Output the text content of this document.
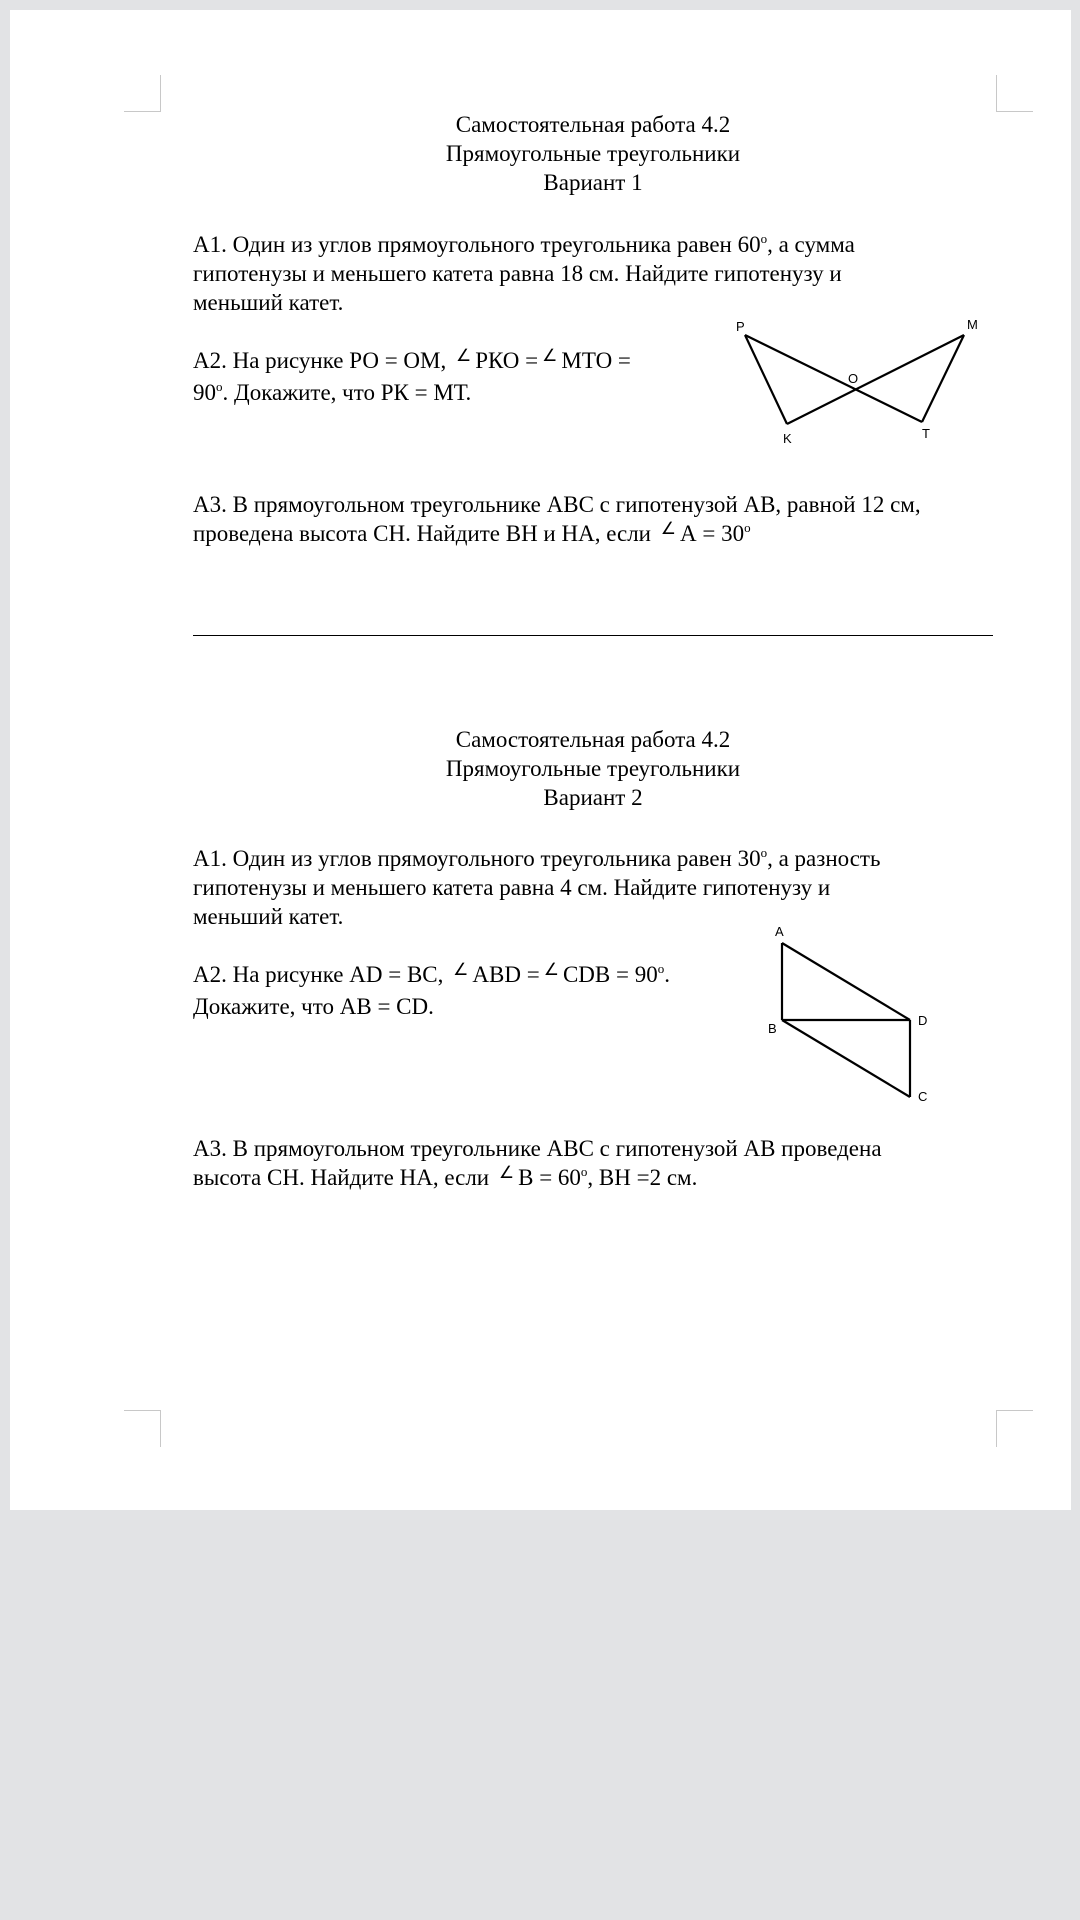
Самостоятельная работа 4.2
Прямоугольные треугольники
Вариант 1
А1. Один из углов прямоугольного треугольника равен $60^о$, а сумма
гипотенузы и меньшего катета равна 18 см. Найдите гипотенузу и
меньший катет.
А2. На рисунке РО = ОМ, ∠ РКО = ∠ МТО =
$90^о$. Докажите, что РК = МТ.
P	M
O
K	T
А3. В прямоугольном треугольнике АВС с гипотенузой АВ, равной 12 см,
проведена высота СН. Найдите ВН и НА, если ∠ $А = 30^о$
Самостоятельная работа 4.2
Прямоугольные треугольники
Вариант 2
А1. Один из углов прямоугольного треугольника равен $30^о$, а разность
гипотенузы и меньшего катета равна 4 см. Найдите гипотенузу и
меньший катет.
А2. На рисунке АD = ВС, ∠ АВD = ∠ СDВ = $90^о$.
Докажите, что АВ = СD.
A
B
D
C
А3. В прямоугольном треугольнике АВС с гипотенузой АВ проведена
высота СН. Найдите НА, если ∠ $В = 60^о$, ВН =2 см.
